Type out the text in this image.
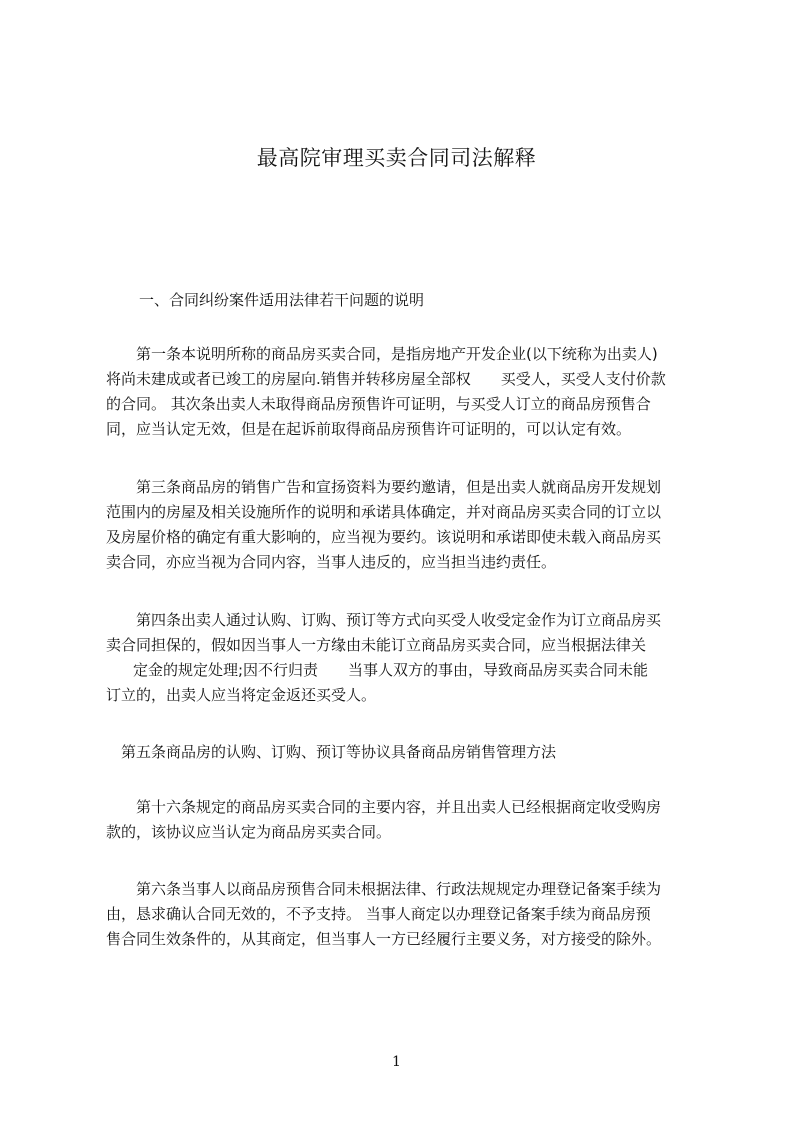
最高院审理买卖合同司法解释
一、合同纠纷案件适用法律若干问题的说明
　　第一条本说明所称的商品房买卖合同，是指房地产开发企业(以下统称为出卖人)
将尚未建成或者已竣工的房屋向.销售并转移房屋全部权　　买受人，买受人支付价款
的合同。 其次条出卖人未取得商品房预售许可证明，与买受人订立的商品房预售合
同，应当认定无效，但是在起诉前取得商品房预售许可证明的，可以认定有效。
　　第三条商品房的销售广告和宣扬资料为要约邀请，但是出卖人就商品房开发规划
范围内的房屋及相关设施所作的说明和承诺具体确定，并对商品房买卖合同的订立以
及房屋价格的确定有重大影响的，应当视为要约。该说明和承诺即使未载入商品房买
卖合同，亦应当视为合同内容，当事人违反的，应当担当违约责任。
　　第四条出卖人通过认购、订购、预订等方式向买受人收受定金作为订立商品房买
卖合同担保的，假如因当事人一方缘由未能订立商品房买卖合同，应当根据法律关
　定金的规定处理;因不行归责　　当事人双方的事由，导致商品房买卖合同未能
订立的，出卖人应当将定金返还买受人。
　第五条商品房的认购、订购、预订等协议具备商品房销售管理方法
　　第十六条规定的商品房买卖合同的主要内容，并且出卖人已经根据商定收受购房
款的，该协议应当认定为商品房买卖合同。
　　第六条当事人以商品房预售合同未根据法律、行政法规规定办理登记备案手续为
由，恳求确认合同无效的，不予支持。 当事人商定以办理登记备案手续为商品房预
售合同生效条件的，从其商定，但当事人一方已经履行主要义务，对方接受的除外。
1
